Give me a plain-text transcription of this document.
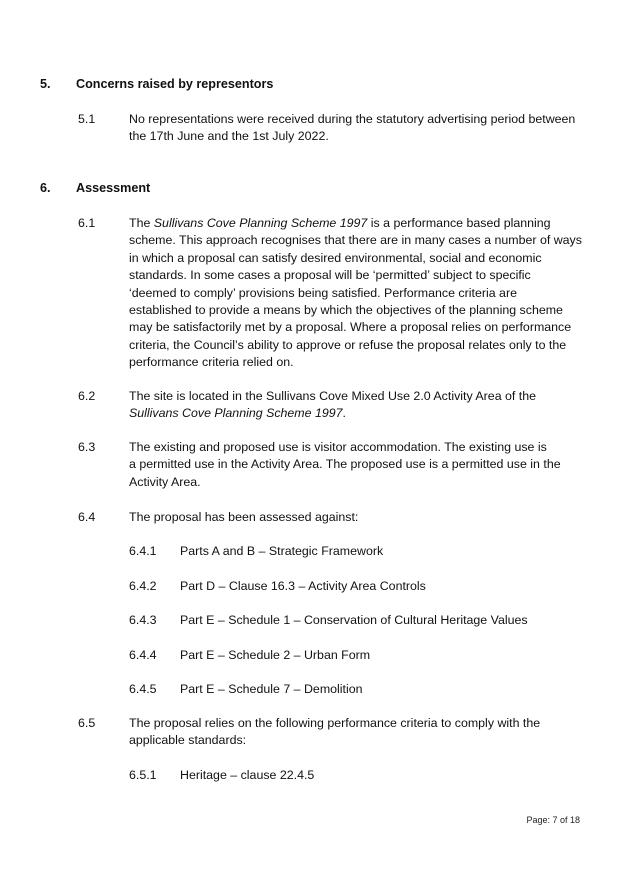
5. Concerns raised by representors
5.1	No representations were received during the statutory advertising period between
the 17th June and the 1st July 2022.
6. Assessment
6.1	The Sullivans Cove Planning Scheme 1997 is a performance based planning
scheme. This approach recognises that there are in many cases a number of ways
in which a proposal can satisfy desired environmental, social and economic
standards. In some cases a proposal will be ‘permitted’ subject to specific
‘deemed to comply’ provisions being satisfied. Performance criteria are
established to provide a means by which the objectives of the planning scheme
may be satisfactorily met by a proposal. Where a proposal relies on performance
criteria, the Council’s ability to approve or refuse the proposal relates only to the
performance criteria relied on.
6.2	The site is located in the Sullivans Cove Mixed Use 2.0 Activity Area of the
Sullivans Cove Planning Scheme 1997.
6.3	The existing and proposed use is visitor accommodation. The existing use is
a permitted use in the Activity Area. The proposed use is a permitted use in the
Activity Area.
6.4	The proposal has been assessed against:
6.4.1 Parts A and B – Strategic Framework
6.4.2 Part D – Clause 16.3 – Activity Area Controls
6.4.3 Part E – Schedule 1 – Conservation of Cultural Heritage Values
6.4.4 Part E – Schedule 2 – Urban Form
6.4.5 Part E – Schedule 7 – Demolition
6.5	The proposal relies on the following performance criteria to comply with the
applicable standards:
6.5.1 Heritage – clause 22.4.5
Page: 7 of 18
